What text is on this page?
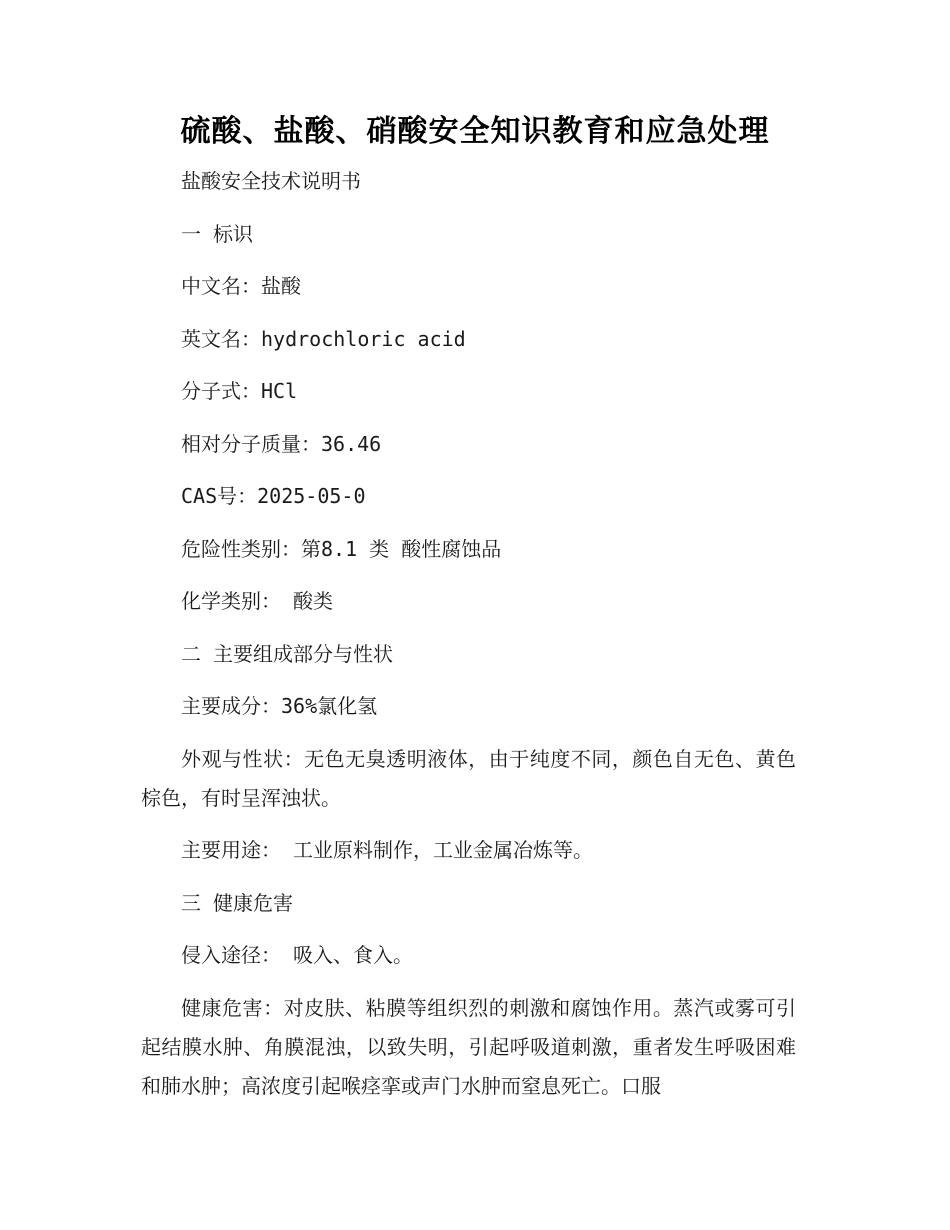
硫酸、盐酸、硝酸安全知识教育和应急处理

盐酸安全技术说明书

一 标识

中文名：盐酸

英文名：hydrochloric acid

分子式：HCl

相对分子质量：36.46

CAS号：2025-05-0

危险性类别：第8.1 类 酸性腐蚀品

化学类别： 酸类

二 主要组成部分与性状

主要成分：36%氯化氢

外观与性状：无色无臭透明液体，由于纯度不同，颜色自无色、黄色棕色，有时呈浑浊状。

主要用途： 工业原料制作，工业金属冶炼等。

三 健康危害

侵入途径： 吸入、食入。

健康危害：对皮肤、粘膜等组织烈的刺激和腐蚀作用。蒸汽或雾可引起结膜水肿、角膜混浊，以致失明，引起呼吸道刺激，重者发生呼吸困难和肺水肿；高浓度引起喉痉挛或声门水肿而窒息死亡。口服
